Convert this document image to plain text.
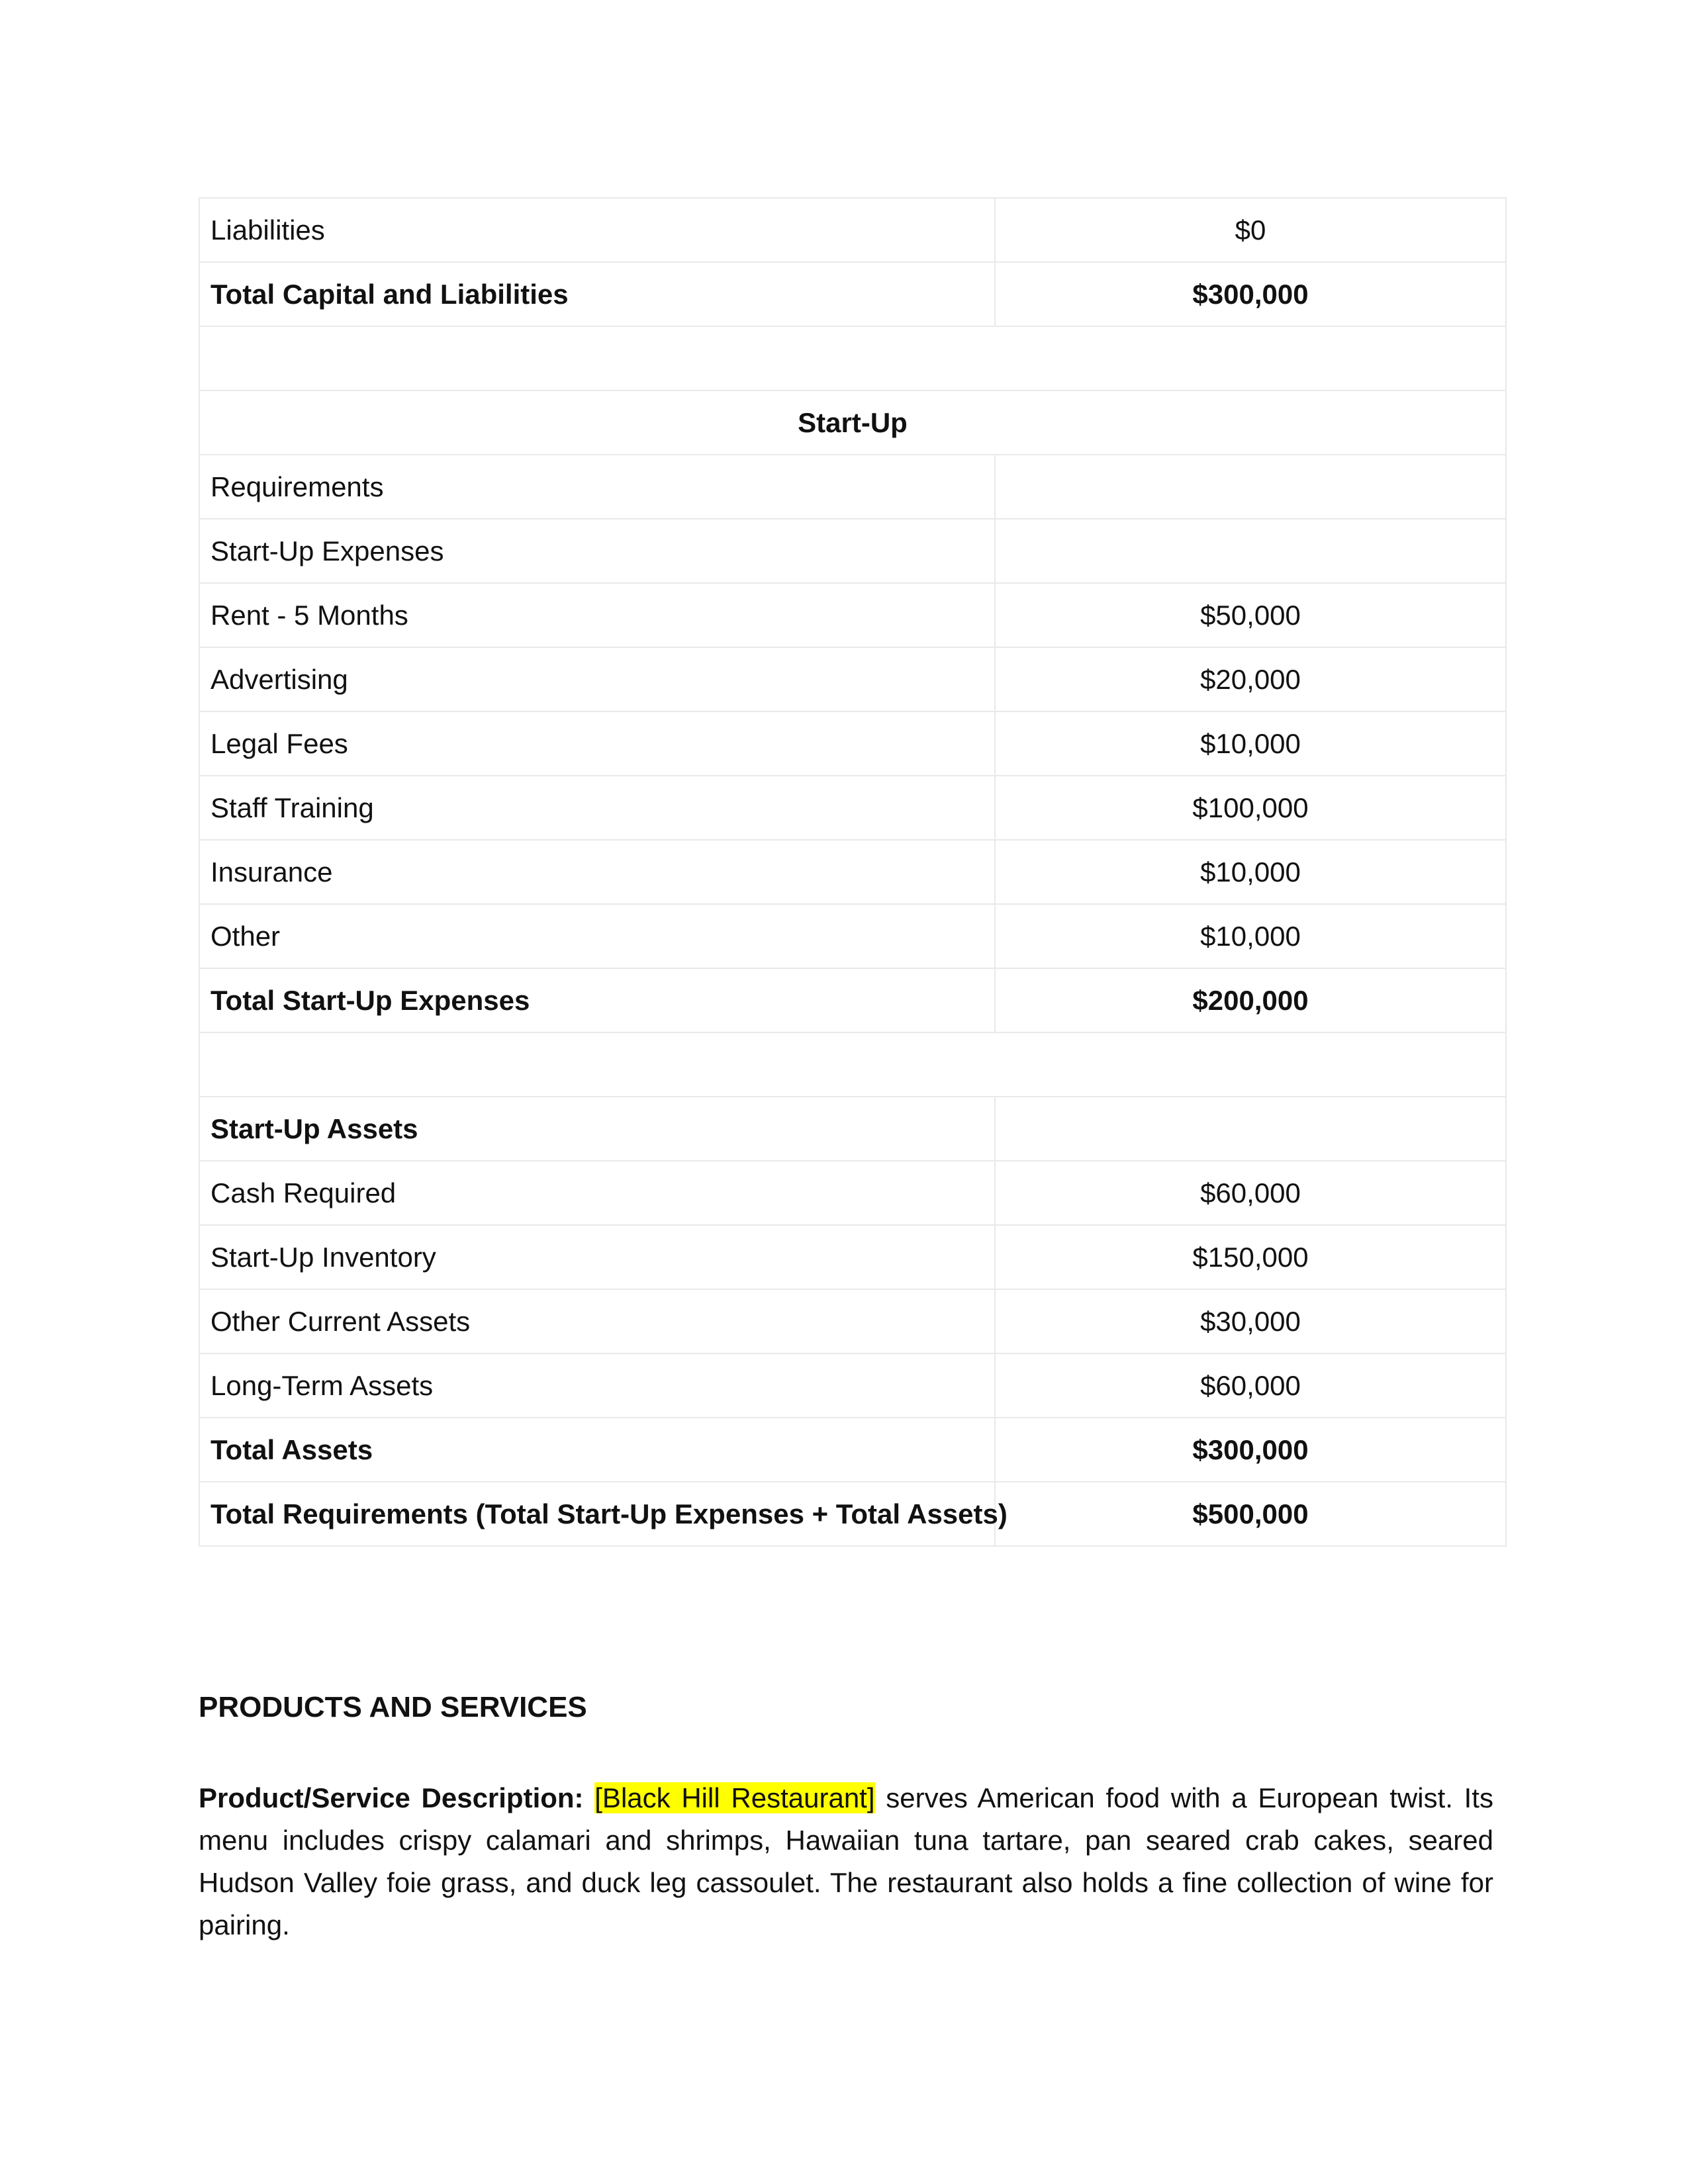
Liabilities	$0
Total Capital and Liabilities	$300,000

Start-Up	
Requirements	
Start-Up Expenses	
Rent - 5 Months	$50,000
Advertising	$20,000
Legal Fees	$10,000
Staff Training	$100,000
Insurance	$10,000
Other	$10,000
Total Start-Up Expenses	$200,000

Start-Up Assets	
Cash Required	$60,000
Start-Up Inventory	$150,000
Other Current Assets	$30,000
Long-Term Assets	$60,000
Total Assets	$300,000
Total Requirements (Total Start-Up Expenses + Total Assets)	$500,000
PRODUCTS AND SERVICES

Product/Service Description: [Black Hill Restaurant] serves American food with a European twist. Its menu includes crispy calamari and shrimps, Hawaiian tuna tartare, pan seared crab cakes, seared Hudson Valley foie grass, and duck leg cassoulet. The restaurant also holds a fine collection of wine for pairing.
